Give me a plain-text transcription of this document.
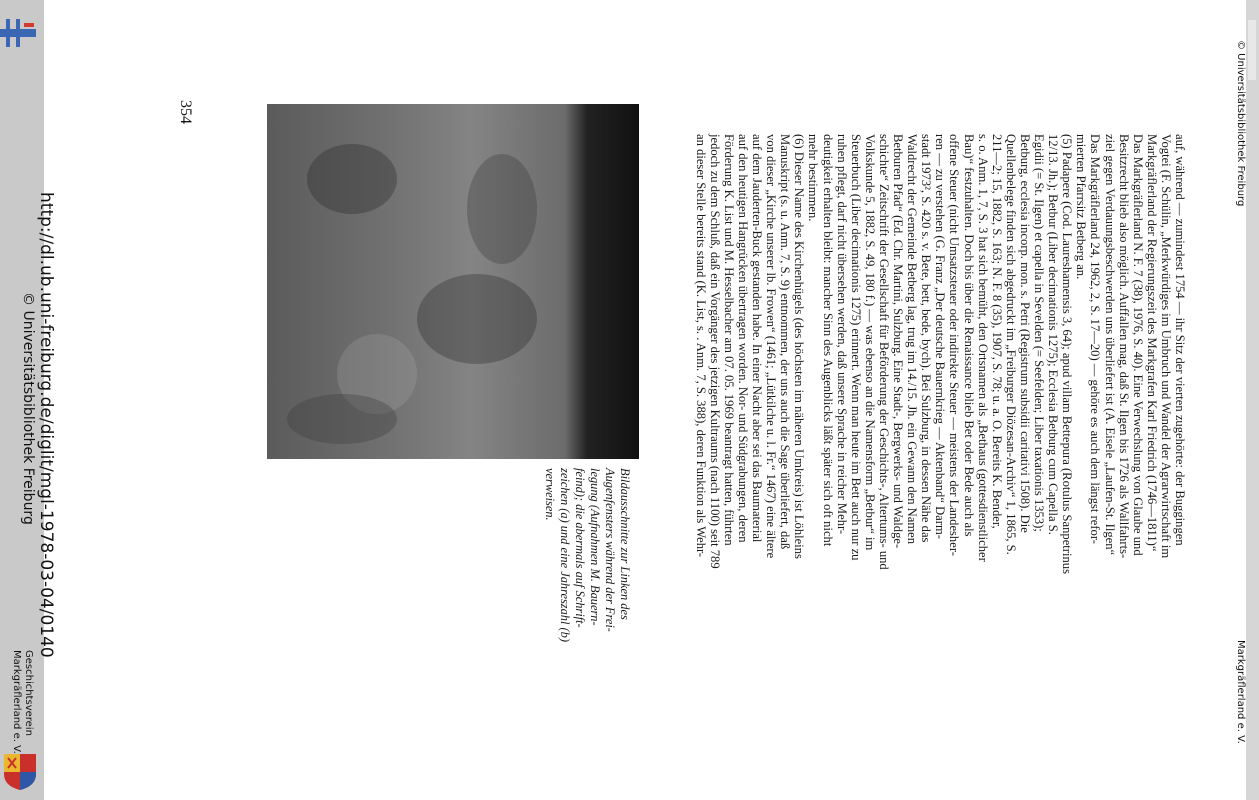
http://dl.ub.uni-freiburg.de/diglit/mgl-1978-03-04/0140
© Universitätsbibliothek Freiburg
Geschichtsverein
Markgräflerland e. V.
354
Bildausschnitte zur Linken des
Augenfensters während der Frei-
legung (Aufnahmen M. Bauern-
feind); die abermals auf Schrift-
zeichen (a) und eine Jahreszahl (b)
verweisen.	auf, während — zumindest 1754 — ihr Sitz der vierten zugehörte: der Buggingen
Vogtei (F. Schülin, „Merkwürdiges im Umbruch und Wandel der Agrarwirtschaft im
Markgräflerland der Regierungszeit des Markgrafen Karl Friedrich (1746—1811)“
Das Markgräflerland N. F. 7 (38), 1976, S. 40). Eine Verwechslung von Glaube und
Besitzrecht blieb also möglich. Auffallen mag, daß St. Ilgen bis 1726 als Wallfahrts-
ziel gegen Verdauungsbeschwerden uns überliefert ist (A. Eisele „Laufen-St. Ilgen“
Das Markgräflerland 24, 1962, 2, S. 17—20) — gehöre es auch dem längst refor-
mierten Pfarrsitz Betberg an.
(5) Padapere (Cod. Laureshamensis 3, 64); apud villam Bettepura (Rotulus Sanpetrinus
12/13. Jh.); Betbur (Liber decimationis 1275); Ecclesia Betburg cum Capella S.
Egidii (= St. Ilgen) et capella in Sevelden (= Seefelden; Liber taxationis 1353);
Betburg, ecclesia incorp. mon. s. Petri (Registrum subsidii caritativi 1508). Die
Quellenbelege finden sich abgedruckt im „Freiburger Diözesan-Archiv“ 1, 1865, S.
211—2; 15, 1882, S. 163; N. F. 8 (35), 1907, S. 78; u. a. O. Bereits K. Bender,
s. o. Anm. 1, 7, S. 3 hat sich bemüht, den Ortsnamen als „Bethaus (gottesdienstlicher
Bau)“ festzuhalten. Doch bis über die Renaissance blieb Bet oder Bede auch als
offene Steuer (nicht Umsatzsteuer oder indirekte Steuer — meistens der Landesher-
ren — zu verstehen (G. Franz „Der deutsche Bauernkrieg — Aktenband“ Darm-
stadt 1973², S. 420 s. v. Bete, bett, bede, bych). Bei Sulzburg, in dessen Nähe das
Waldrecht der Gemeinde Betberg lag, trug im 14./15. Jh. ein Gewann den Namen
Betburen Pfad“ (Ed. Chr. Martini, Sulzburg. Eine Stadt-, Bergwerks- und Waldge-
schichte“ Zeitschrift der Gesellschaft für Beförderung der Geschichts-, Altertums- und
Volkskunde 5, 1882, S. 49, 180 f.) — was ebenso an die Namensform „Betbur“ im
Steuerbuch (Liber decimationis 1275) erinnert. Wenn man heute im Bett auch nur zu
ruhen pflegt, darf nicht übersehen werden, daß unsere Sprache in reicher Mehr-
deutigkeit erhalten bleibt: mancher Sinn des Augenblicks läßt später sich oft nicht
mehr bestimmen.
(6) Dieser Name des Kirchenhügels (des höchsten im näheren Umkreis) ist Löhleins
Manuskript (s. u. Anm. 7, S. 9) entnommen, der uns auch die Sage überliefert, daß
von dieser „Kirche unserer lb. Frowen“ (1461; „Lütkilche u. l. Fr.“ 1467) eine ältere
auf dem Jauderten-Buck gestanden habe. In einer Nacht aber sei das Baumaterial
auf den heutigen Hangrücken übertragen worden. Nor- und Südgrabungen, deren
Förderung K. List und M. Hesselbacher am 07. 05. 1969 beantragt hatten, führten
jedoch zu dem Schluß, daß ein Vorgänger des jetzigen Kultraums (nach 1100) seit 789
an dieser Stelle bereits stand (K. List, s. . Anm. 7, S. 388), deren Funktion als Wehr-
© Universitätsbibliothek Freiburg
Markgräflerland e. V.
